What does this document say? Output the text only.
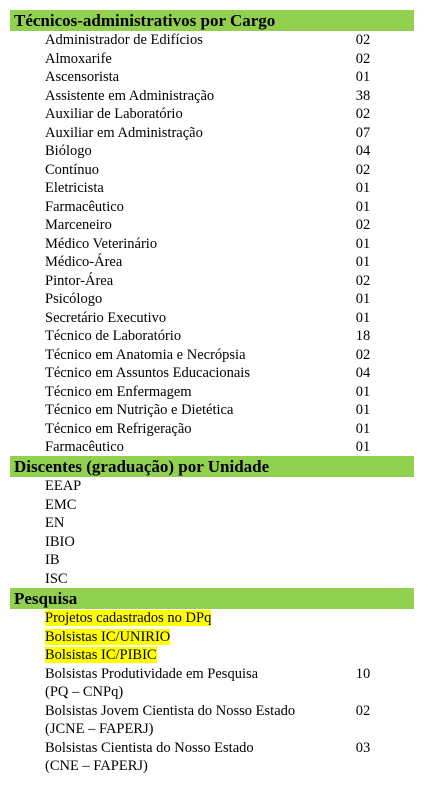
Técnicos-administrativos por Cargo
Administrador de Edifícios	02
Almoxarife	02
Ascensorista	01
Assistente em Administração	38
Auxiliar de Laboratório	02
Auxiliar em Administração	07
Biólogo	04
Contínuo	02
Eletricista	01
Farmacêutico	01
Marceneiro	02
Médico Veterinário	01
Médico-Área	01
Pintor-Área	02
Psicólogo	01
Secretário Executivo	01
Técnico de Laboratório	18
Técnico em Anatomia e Necrópsia	02
Técnico em Assuntos Educacionais	04
Técnico em Enfermagem	01
Técnico em Nutrição e Dietética	01
Técnico em Refrigeração	01
Farmacêutico	01
Discentes (graduação) por Unidade
EEAP
EMC
EN
IBIO
IB
ISC
Pesquisa
Projetos cadastrados no DPq
Bolsistas IC/UNIRIO
Bolsistas IC/PIBIC
Bolsistas Produtividade em Pesquisa
(PQ – CNPq)
10
Bolsistas Jovem Cientista do Nosso Estado
(JCNE – FAPERJ)
02
Bolsistas Cientista do Nosso Estado
(CNE – FAPERJ)
03
